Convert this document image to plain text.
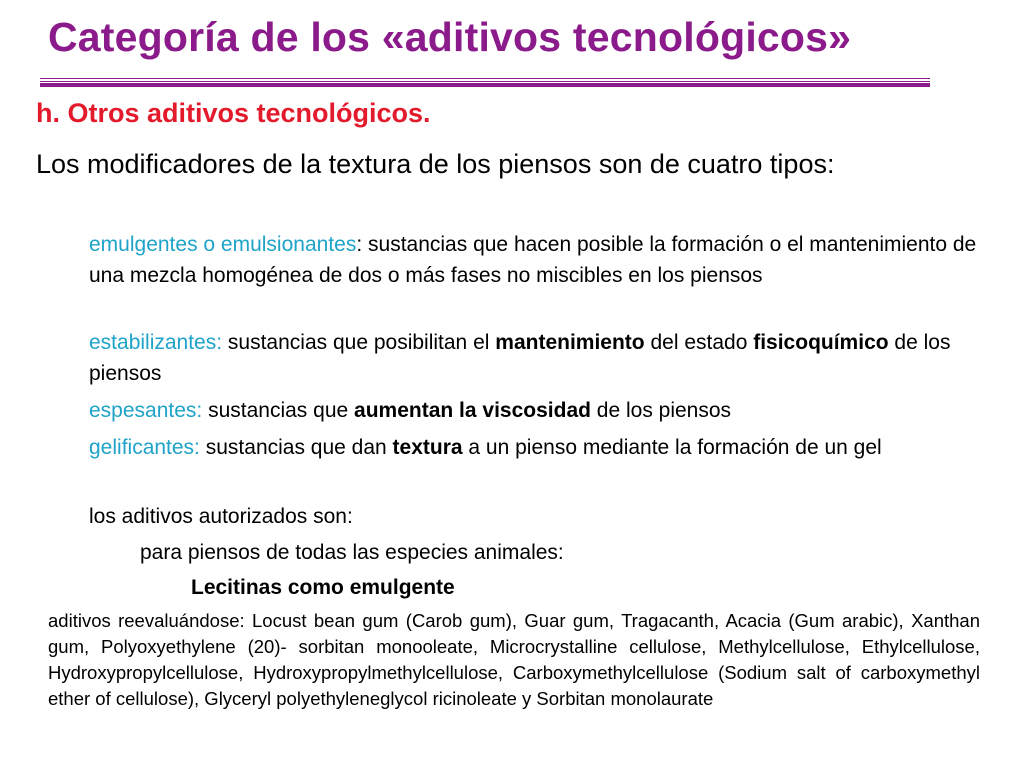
Categoría de los «aditivos tecnológicos»
h. Otros aditivos tecnológicos.
Los modificadores de la textura de los piensos son de cuatro tipos:
emulgentes o emulsionantes: sustancias que hacen posible la formación o el mantenimiento de una mezcla homogénea de dos o más fases no miscibles en los piensos
estabilizantes: sustancias que posibilitan el mantenimiento del estado fisicoquímico de los piensos
espesantes: sustancias que aumentan la viscosidad de los piensos
gelificantes: sustancias que dan textura a un pienso mediante la formación de un gel
los aditivos autorizados son:
para piensos de todas las especies animales:
Lecitinas como emulgente
aditivos reevaluándose: Locust bean gum (Carob gum), Guar gum, Tragacanth, Acacia (Gum arabic), Xanthan gum, Polyoxyethylene (20)- sorbitan monooleate, Microcrystalline cellulose, Methylcellulose, Ethylcellulose, Hydroxypropylcellulose, Hydroxypropylmethylcellulose, Carboxymethylcellulose (Sodium salt of carboxymethyl ether of cellulose), Glyceryl polyethyleneglycol ricinoleate y Sorbitan monolaurate
